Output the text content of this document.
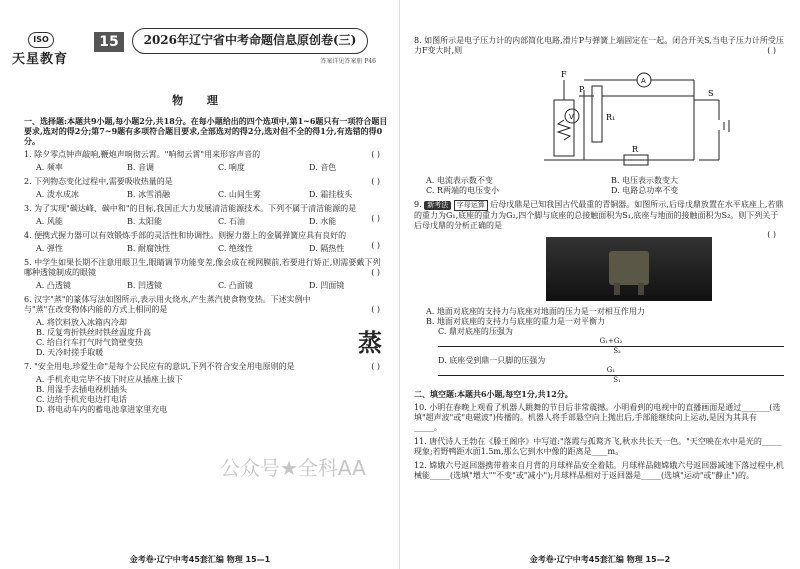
ISO
天星教育
15	2026年辽宁省中考命题信息原创卷(三)
答案详见答案册 P46
物 理
一、选择题:本题共9小题,每小题2分,共18分。在每小题给出的四个选项中,第1~6题只有一项符合题目要求,选对的得2分;第7~9题有多项符合题目要求,全部选对的得2分,选对但不全的得1分,有选错的得0分。
1. 除夕零点钟声敲响,鞭炮声响彻云霄。"响彻云霄"用来形容声音的	( )
A. 频率	B. 音调	C. 响度	D. 音色
2. 下列物态变化过程中,需要吸收热量的是	( )
A. 泼水成冰	B. 冰雪消融	C. 山间生雾	D. 霜挂枝头
3. 为了实现"碳达峰、碳中和"的目标,我国正大力发展清洁能源技术。下列不属于清洁能源的是
( )
A. 风能	B. 太阳能	C. 石油	D. 水能
4. 便携式握力器可以有效锻炼手部的灵活性和协调性。则握力器上的金属弹簧应具有良好的
( )
A. 弹性	B. 耐腐蚀性	C. 绝缘性	D. 隔热性
5. 中学生如果长期不注意用眼卫生,眼睛调节功能变差,像会成在视网膜前,若要进行矫正,则需要戴下列哪种透镜制成的眼镜	( )
A. 凸透镜	B. 凹透镜	C. 凸面镜	D. 凹面镜
6. 汉字"蒸"的篆体写法如图所示,表示用火烧水,产生蒸汽使食物变热。下述实例中与"蒸"在改变物体内能的方式上相同的是	( )
A. 将饮料放入冰箱内冷却
B. 反复弯折铁丝时铁丝温度升高
C. 给自行车打气时气筒壁变热
D. 天冷时搓手取暖	蒸
7. "安全用电,珍爱生命"是每个公民应有的意识,下列不符合安全用电原则的是	( )
A. 手机充电完毕不拔下时应从插座上拔下
B. 用湿手去插电视机插头
C. 边给手机充电边打电话
D. 将电动车内的蓄电池拿进家里充电
金考卷·辽宁中考45套汇编 物理 15—1
8. 如图所示是电子压力计的内部简化电路,滑片P与弹簧上端固定在一起。闭合开关S,当电子压力计所受压力F变大时,则	( )
F
P
R₁
R
S
A
V
A. 电流表示数不变	B. 电压表示数变大
C. R两端的电压变小	D. 电路总功率不变
9. 新考法 字母运算 后母戊鼎是已知我国古代最重的青铜器。如图所示,后母戊鼎放置在水平底座上,若鼎的重力为G₁,底座的重力为G₂,四个脚与底座的总接触面积为S₁,底座与地面的接触面积为S₂。则下列关于后母戊鼎的分析正确的是
( )
A. 地面对底座的支持力与底座对地面的压力是一对相互作用力
B. 地面对底座的支持力与底座的重力是一对平衡力
C. 鼎对底座的压强为
$\frac{\text{G₁+G₂}}{\text{S₂}}$
D. 底座受到鼎一只脚的压强为
$\frac{\text{G₁}}{\text{S₁}}$
二、填空题:本题共6小题,每空1分,共12分。
10. 小明在春晚上观看了机器人跳舞的节目后非常震撼。小明看到的电视中的直播画面是通过_______(选填"超声波"或"电磁波")传播的。机器人将手部悬空向上抛出后,手部能继续向上运动,是因为其具有_____。
11. 唐代诗人王勃在《滕王阁序》中写道:"落霞与孤鹜齐飞,秋水共长天一色。"天空映在水中是光的_____现象;若野鸭距水面1.5m,那么它到水中像的距离是____m。
12. 嫦娥六号返回器携带着来自月背的月球样品安全着陆。月球样品随嫦娥六号返回器减速下落过程中,机械能_____(选填"增大""不变"或"减小");月球样品相对于返回器是_____(选填"运动"或"静止")的。
金考卷·辽宁中考45套汇编 物理 15—2
公众号★全科AA
